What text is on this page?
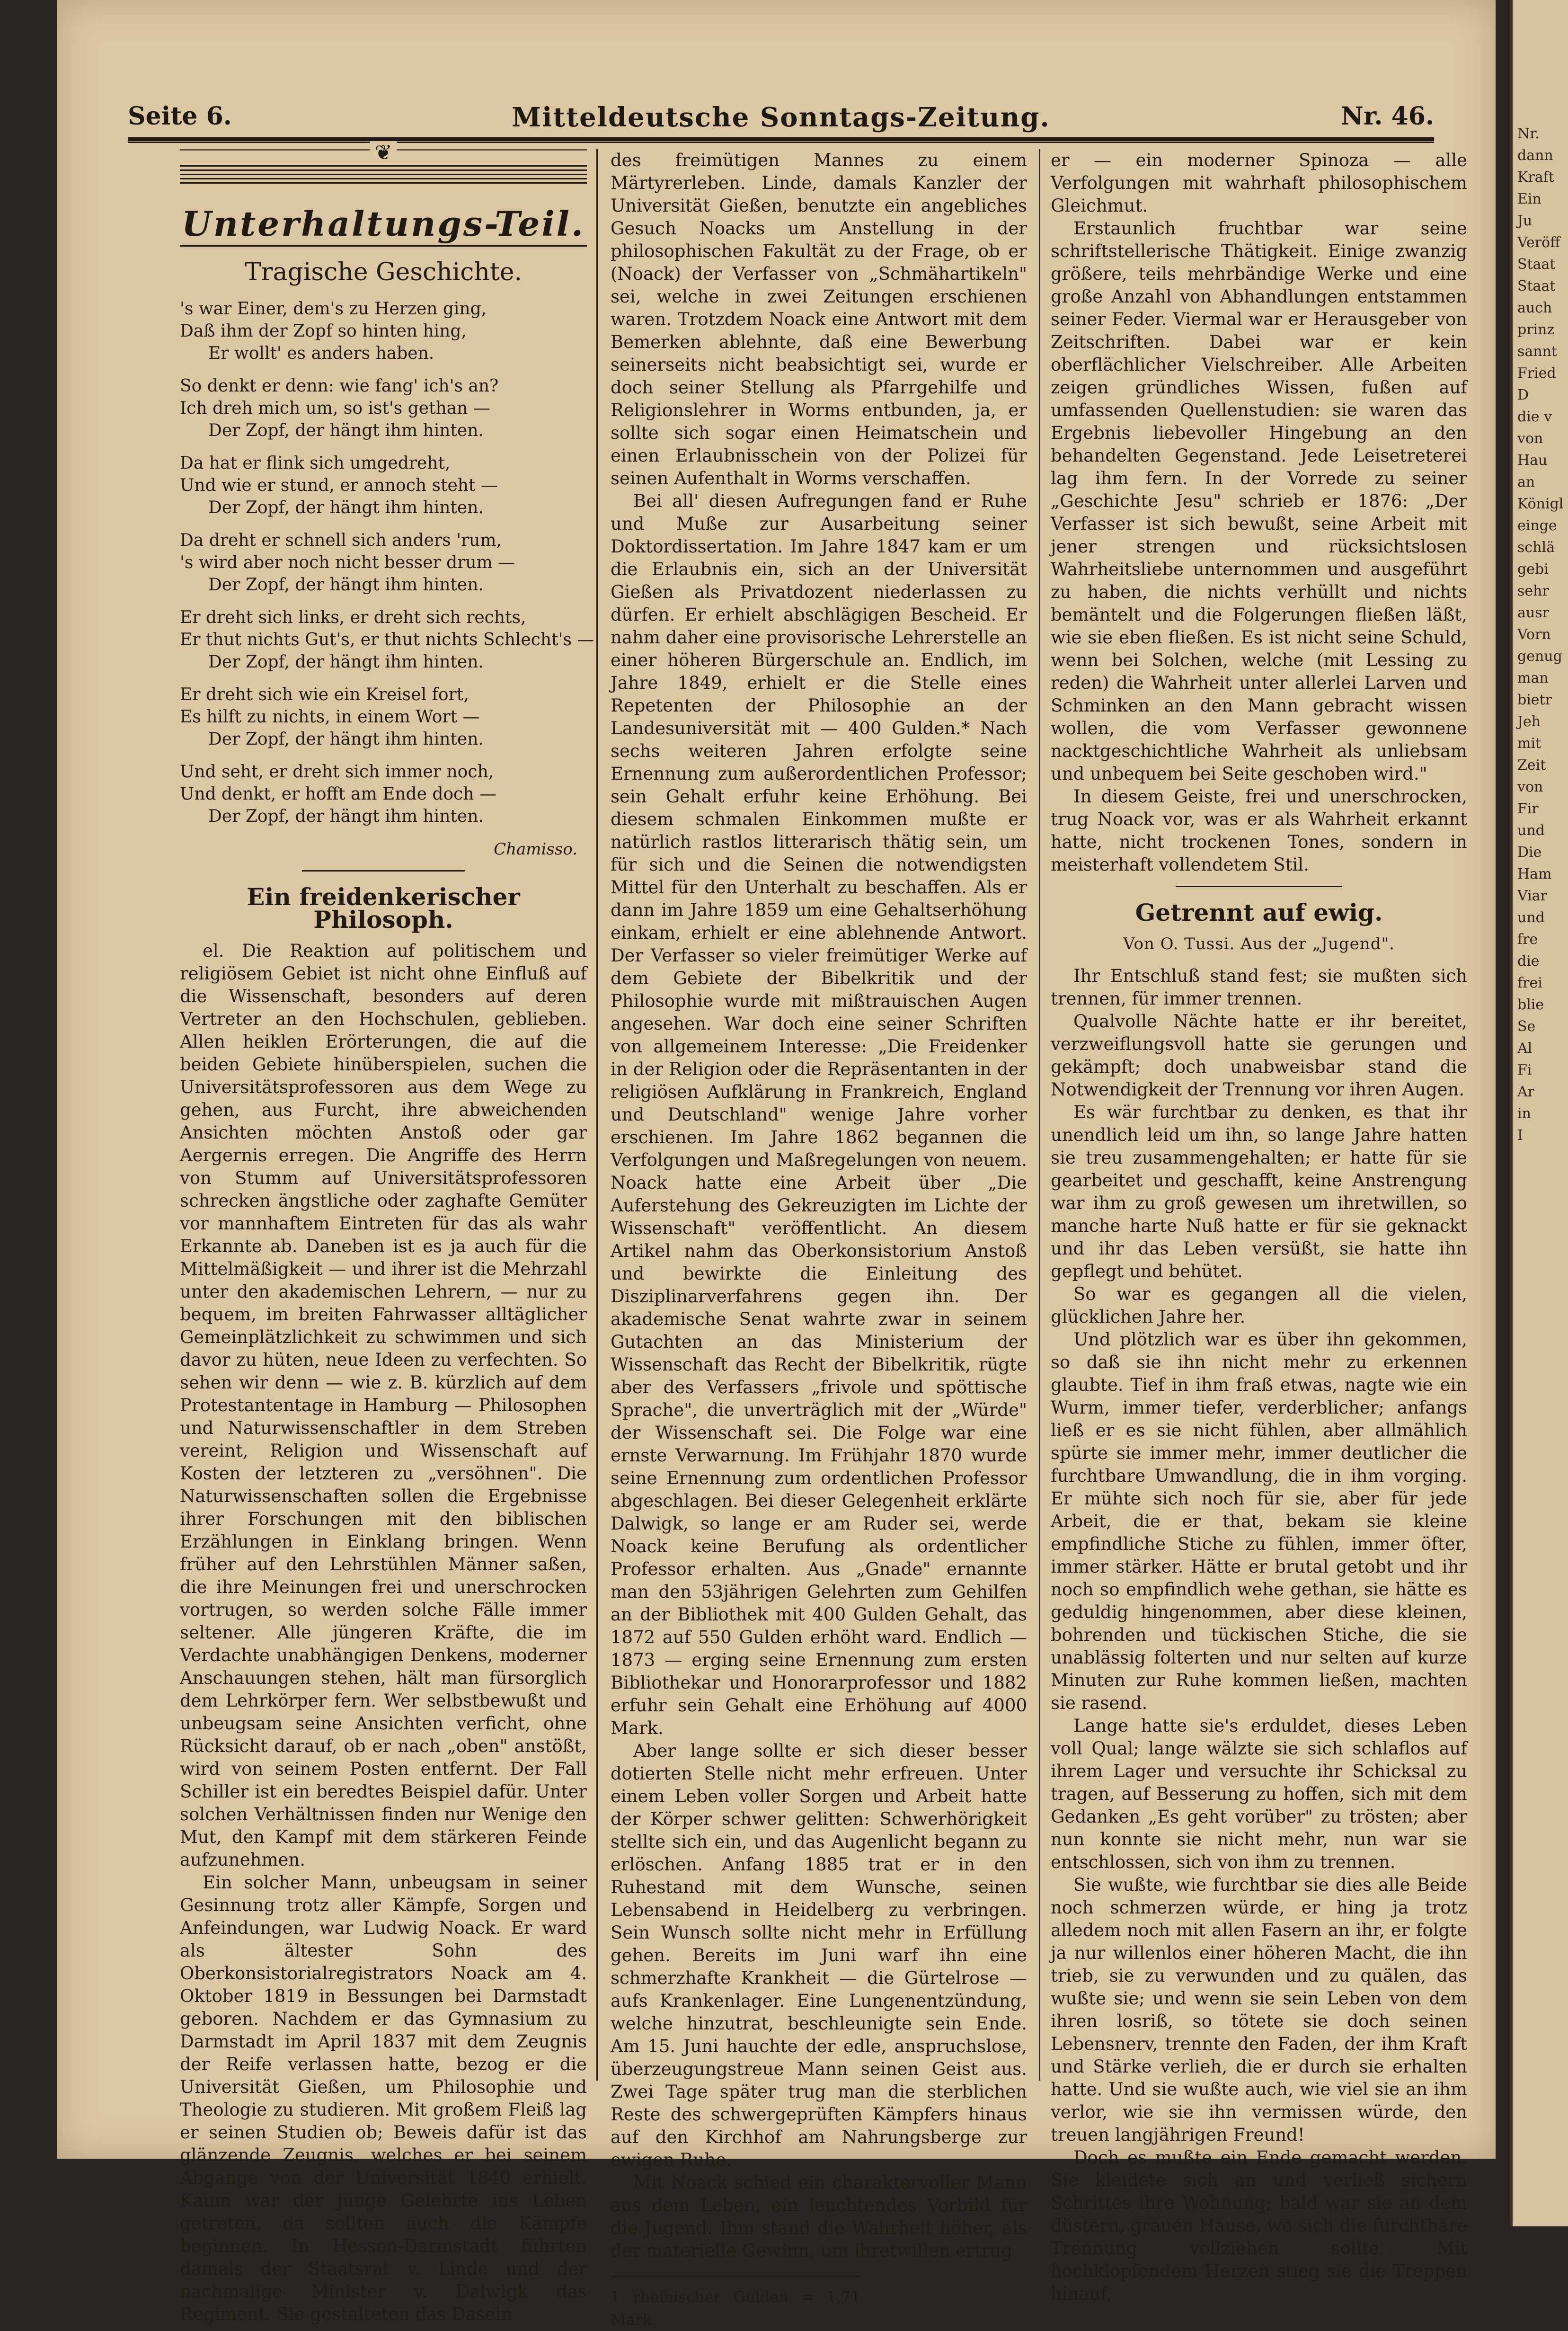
Nr.
dann
Kraft
Ein
Ju
Veröff
Staat
Staat
auch
prinz
sannt
Fried
D
die v
von
Hau
an
Königl
einge
schlä
gebi
sehr
ausr
Vorn
genug
man
bietr
Jeh
mit
Zeit
von
Fir
und
Die
Ham
Viar
und
fre
die
frei
blie
Se
Al
Fi
Ar
in
I
Seite 6.	Mitteldeutsche Sonntags-Zeitung.	Nr. 46.
❦
Unterhaltungs-Teil.
Tragische Geschichte.
's war Einer, dem's zu Herzen ging,
Daß ihm der Zopf so hinten hing,
Er wollt' es anders haben.
So denkt er denn: wie fang' ich's an?
Ich dreh mich um, so ist's gethan —
Der Zopf, der hängt ihm hinten.
Da hat er flink sich umgedreht,
Und wie er stund, er annoch steht —
Der Zopf, der hängt ihm hinten.
Da dreht er schnell sich anders 'rum,
's wird aber noch nicht besser drum —
Der Zopf, der hängt ihm hinten.
Er dreht sich links, er dreht sich rechts,
Er thut nichts Gut's, er thut nichts Schlecht's —
Der Zopf, der hängt ihm hinten.
Er dreht sich wie ein Kreisel fort,
Es hilft zu nichts, in einem Wort —
Der Zopf, der hängt ihm hinten.
Und seht, er dreht sich immer noch,
Und denkt, er hofft am Ende doch —
Der Zopf, der hängt ihm hinten.
Chamisso.
Ein freidenkerischer Philosoph.

el. Die Reaktion auf politischem und religiösem Gebiet ist nicht ohne Einfluß auf die Wissenschaft, besonders auf deren Vertreter an den Hochschulen, geblieben. Allen heiklen Erörterungen, die auf die beiden Gebiete hinüberspielen, suchen die Universitätsprofessoren aus dem Wege zu gehen, aus Furcht, ihre abweichenden Ansichten möchten Anstoß oder gar Aergernis erregen. Die Angriffe des Herrn von Stumm auf Universitätsprofessoren schrecken ängstliche oder zaghafte Gemüter vor mannhaftem Eintreten für das als wahr Erkannte ab. Daneben ist es ja auch für die Mittelmäßigkeit — und ihrer ist die Mehrzahl unter den akademischen Lehrern, — nur zu bequem, im breiten Fahrwasser alltäglicher Gemeinplätzlichkeit zu schwimmen und sich davor zu hüten, neue Ideen zu verfechten. So sehen wir denn — wie z. B. kürzlich auf dem Protestantentage in Hamburg — Philosophen und Naturwissenschaftler in dem Streben vereint, Religion und Wissenschaft auf Kosten der letzteren zu „versöhnen". Die Naturwissenschaften sollen die Ergebnisse ihrer Forschungen mit den biblischen Erzählungen in Einklang bringen. Wenn früher auf den Lehrstühlen Männer saßen, die ihre Meinungen frei und unerschrocken vortrugen, so werden solche Fälle immer seltener. Alle jüngeren Kräfte, die im Verdachte unabhängigen Denkens, moderner Anschauungen stehen, hält man fürsorglich dem Lehrkörper fern. Wer selbstbewußt und unbeugsam seine Ansichten verficht, ohne Rücksicht darauf, ob er nach „oben" anstößt, wird von seinem Posten entfernt. Der Fall Schiller ist ein beredtes Beispiel dafür. Unter solchen Verhältnissen finden nur Wenige den Mut, den Kampf mit dem stärkeren Feinde aufzunehmen.

Ein solcher Mann, unbeugsam in seiner Gesinnung trotz aller Kämpfe, Sorgen und Anfeindungen, war Ludwig Noack. Er ward als ältester Sohn des Oberkonsistorialregistrators Noack am 4. Oktober 1819 in Bessungen bei Darmstadt geboren. Nachdem er das Gymnasium zu Darmstadt im April 1837 mit dem Zeugnis der Reife verlassen hatte, bezog er die Universität Gießen, um Philosophie und Theologie zu studieren. Mit großem Fleiß lag er seinen Studien ob; Beweis dafür ist das glänzende Zeugnis, welches er bei seinem Abgange von der Universität 1840 erhielt. Kaum war der junge Gelehrte ins Leben getreten, da sollten auch die Kämpfe beginnen. In Hessen-Darmstadt führten damals der Staatsrat v. Linde und der nachmalige Minister v. Dalwigk das Regiment. Sie gestalteten das Dasein

des freimütigen Mannes zu einem Märtyrerleben. Linde, damals Kanzler der Universität Gießen, benutzte ein angebliches Gesuch Noacks um Anstellung in der philosophischen Fakultät zu der Frage, ob er (Noack) der Verfasser von „Schmähartikeln" sei, welche in zwei Zeitungen erschienen waren. Trotzdem Noack eine Antwort mit dem Bemerken ablehnte, daß eine Bewerbung seinerseits nicht beabsichtigt sei, wurde er doch seiner Stellung als Pfarrgehilfe und Religionslehrer in Worms entbunden, ja, er sollte sich sogar einen Heimatschein und einen Erlaubnisschein von der Polizei für seinen Aufenthalt in Worms verschaffen.

Bei all' diesen Aufregungen fand er Ruhe und Muße zur Ausarbeitung seiner Doktordissertation. Im Jahre 1847 kam er um die Erlaubnis ein, sich an der Universität Gießen als Privatdozent niederlassen zu dürfen. Er erhielt abschlägigen Bescheid. Er nahm daher eine provisorische Lehrerstelle an einer höheren Bürgerschule an. Endlich, im Jahre 1849, erhielt er die Stelle eines Repetenten der Philosophie an der Landesuniversität mit — 400 Gulden.* Nach sechs weiteren Jahren erfolgte seine Ernennung zum außerordentlichen Professor; sein Gehalt erfuhr keine Erhöhung. Bei diesem schmalen Einkommen mußte er natürlich rastlos litterarisch thätig sein, um für sich und die Seinen die notwendigsten Mittel für den Unterhalt zu beschaffen. Als er dann im Jahre 1859 um eine Gehaltserhöhung einkam, erhielt er eine ablehnende Antwort. Der Verfasser so vieler freimütiger Werke auf dem Gebiete der Bibelkritik und der Philosophie wurde mit mißtrauischen Augen angesehen. War doch eine seiner Schriften von allgemeinem Interesse: „Die Freidenker in der Religion oder die Repräsentanten in der religiösen Aufklärung in Frankreich, England und Deutschland" wenige Jahre vorher erschienen. Im Jahre 1862 begannen die Verfolgungen und Maßregelungen von neuem. Noack hatte eine Arbeit über „Die Auferstehung des Gekreuzigten im Lichte der Wissenschaft" veröffentlicht. An diesem Artikel nahm das Oberkonsistorium Anstoß und bewirkte die Einleitung des Disziplinarverfahrens gegen ihn. Der akademische Senat wahrte zwar in seinem Gutachten an das Ministerium der Wissenschaft das Recht der Bibelkritik, rügte aber des Verfassers „frivole und spöttische Sprache", die unverträglich mit der „Würde" der Wissenschaft sei. Die Folge war eine ernste Verwarnung. Im Frühjahr 1870 wurde seine Ernennung zum ordentlichen Professor abgeschlagen. Bei dieser Gelegenheit erklärte Dalwigk, so lange er am Ruder sei, werde Noack keine Berufung als ordentlicher Professor erhalten. Aus „Gnade" ernannte man den 53jährigen Gelehrten zum Gehilfen an der Bibliothek mit 400 Gulden Gehalt, das 1872 auf 550 Gulden erhöht ward. Endlich — 1873 — erging seine Ernennung zum ersten Bibliothekar und Honorarprofessor und 1882 erfuhr sein Gehalt eine Erhöhung auf 4000 Mark.

Aber lange sollte er sich dieser besser dotierten Stelle nicht mehr erfreuen. Unter einem Leben voller Sorgen und Arbeit hatte der Körper schwer gelitten: Schwerhörigkeit stellte sich ein, und das Augenlicht begann zu erlöschen. Anfang 1885 trat er in den Ruhestand mit dem Wunsche, seinen Lebensabend in Heidelberg zu verbringen. Sein Wunsch sollte nicht mehr in Erfüllung gehen. Bereits im Juni warf ihn eine schmerzhafte Krankheit — die Gürtelrose — aufs Krankenlager. Eine Lungenentzündung, welche hinzutrat, beschleunigte sein Ende. Am 15. Juni hauchte der edle, anspruchslose, überzeugungstreue Mann seinen Geist aus. Zwei Tage später trug man die sterblichen Reste des schwergeprüften Kämpfers hinaus auf den Kirchhof am Nahrungsberge zur ewigen Ruhe.

Mit Noack schied ein charaktervoller Mann aus dem Leben, ein leuchtendes Vorbild für die Jugend. Ihm stand die Wahrheit höher, als der materielle Gewinn, um ihretwillen ertrug

1 rheinischer Gulden = 1,71 Mark.

er — ein moderner Spinoza — alle Verfolgungen mit wahrhaft philosophischem Gleichmut.

Erstaunlich fruchtbar war seine schriftstellerische Thätigkeit. Einige zwanzig größere, teils mehrbändige Werke und eine große Anzahl von Abhandlungen entstammen seiner Feder. Viermal war er Herausgeber von Zeitschriften. Dabei war er kein oberflächlicher Vielschreiber. Alle Arbeiten zeigen gründliches Wissen, fußen auf umfassenden Quellenstudien: sie waren das Ergebnis liebevoller Hingebung an den behandelten Gegenstand. Jede Leisetreterei lag ihm fern. In der Vorrede zu seiner „Geschichte Jesu" schrieb er 1876: „Der Verfasser ist sich bewußt, seine Arbeit mit jener strengen und rücksichtslosen Wahrheitsliebe unternommen und ausgeführt zu haben, die nichts verhüllt und nichts bemäntelt und die Folgerungen fließen läßt, wie sie eben fließen. Es ist nicht seine Schuld, wenn bei Solchen, welche (mit Lessing zu reden) die Wahrheit unter allerlei Larven und Schminken an den Mann gebracht wissen wollen, die vom Verfasser gewonnene nacktgeschichtliche Wahrheit als unliebsam und unbequem bei Seite geschoben wird."

In diesem Geiste, frei und unerschrocken, trug Noack vor, was er als Wahrheit erkannt hatte, nicht trockenen Tones, sondern in meisterhaft vollendetem Stil.

Getrennt auf ewig.
Von O. Tussi. Aus der „Jugend".

Ihr Entschluß stand fest; sie mußten sich trennen, für immer trennen.

Qualvolle Nächte hatte er ihr bereitet, verzweiflungsvoll hatte sie gerungen und gekämpft; doch unabweisbar stand die Notwendigkeit der Trennung vor ihren Augen.

Es wär furchtbar zu denken, es that ihr unendlich leid um ihn, so lange Jahre hatten sie treu zusammengehalten; er hatte für sie gearbeitet und geschafft, keine Anstrengung war ihm zu groß gewesen um ihretwillen, so manche harte Nuß hatte er für sie geknackt und ihr das Leben versüßt, sie hatte ihn gepflegt und behütet.

So war es gegangen all die vielen, glücklichen Jahre her.

Und plötzlich war es über ihn gekommen, so daß sie ihn nicht mehr zu erkennen glaubte. Tief in ihm fraß etwas, nagte wie ein Wurm, immer tiefer, verderblicher; anfangs ließ er es sie nicht fühlen, aber allmählich spürte sie immer mehr, immer deutlicher die furchtbare Umwandlung, die in ihm vorging. Er mühte sich noch für sie, aber für jede Arbeit, die er that, bekam sie kleine empfindliche Stiche zu fühlen, immer öfter, immer stärker. Hätte er brutal getobt und ihr noch so empfindlich wehe gethan, sie hätte es geduldig hingenommen, aber diese kleinen, bohrenden und tückischen Stiche, die sie unablässig folterten und nur selten auf kurze Minuten zur Ruhe kommen ließen, machten sie rasend.

Lange hatte sie's erduldet, dieses Leben voll Qual; lange wälzte sie sich schlaflos auf ihrem Lager und versuchte ihr Schicksal zu tragen, auf Besserung zu hoffen, sich mit dem Gedanken „Es geht vorüber" zu trösten; aber nun konnte sie nicht mehr, nun war sie entschlossen, sich von ihm zu trennen.

Sie wußte, wie furchtbar sie dies alle Beide noch schmerzen würde, er hing ja trotz alledem noch mit allen Fasern an ihr, er folgte ja nur willenlos einer höheren Macht, die ihn trieb, sie zu verwunden und zu quälen, das wußte sie; und wenn sie sein Leben von dem ihren losriß, so tötete sie doch seinen Lebensnerv, trennte den Faden, der ihm Kraft und Stärke verlieh, die er durch sie erhalten hatte. Und sie wußte auch, wie viel sie an ihm verlor, wie sie ihn vermissen würde, den treuen langjährigen Freund!

Doch es mußte ein Ende gemacht werden. Sie kleidete sich an und verließ sichern Schrittes ihre Wohnung; bald war sie an dem düstern, grauen Hause, wo sich die furchtbare Trennung vollziehen sollte. Mit hochklopfendem Herzen stieg sie die Treppen hinauf,
